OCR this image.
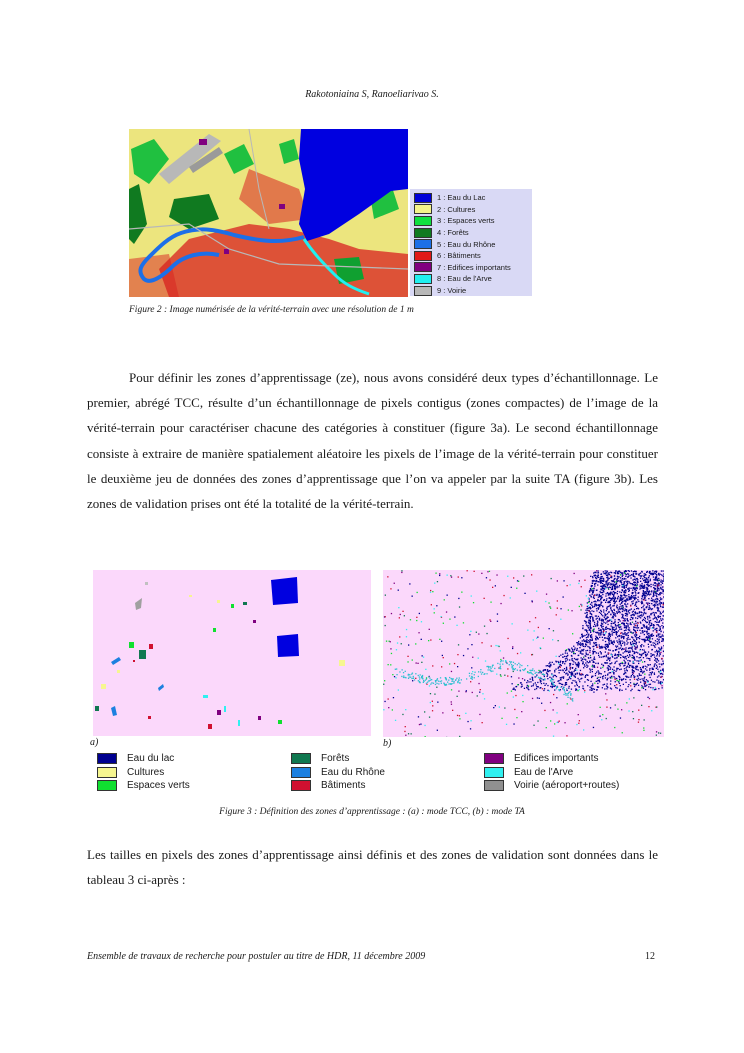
Rakotoniaina S, Ranoeliarivao S.
1 : Eau du Lac
2 : Cultures
3 : Espaces verts
4 : Forêts
5 : Eau du Rhône
6 : Bâtiments
7 : Edifices importants
8 : Eau de l'Arve
9 : Voirie
Figure 2 : Image numérisée de la vérité-terrain avec une résolution de 1 m

Pour définir les zones d’apprentissage (ze), nous avons considéré deux types d’échantillonnage. Le premier, abrégé TCC, résulte d’un échantillonnage de pixels contigus (zones compactes) de l’image de la vérité-terrain pour caractériser chacune des catégories à constituer (figure 3a). Le second échantillonnage consiste à extraire de manière spatialement aléatoire les pixels de l’image de la vérité-terrain pour constituer le deuxième jeu de données des zones d’apprentissage que l’on va appeler par la suite TA (figure 3b). Les zones de validation prises ont été la totalité de la vérité-terrain.

a)	b)
Eau du lac
Cultures
Espaces verts
Forêts
Eau du Rhône
Bâtiments
Edifices importants
Eau de l'Arve
Voirie (aéroport+routes)
Figure 3 : Définition des zones d’apprentissage : (a) : mode TCC, (b) : mode TA

Les tailles en pixels des zones d’apprentissage ainsi définis et des zones de validation sont données dans le tableau 3 ci-après :

Ensemble de travaux de recherche pour postuler au titre de HDR, 11 décembre 2009	12
